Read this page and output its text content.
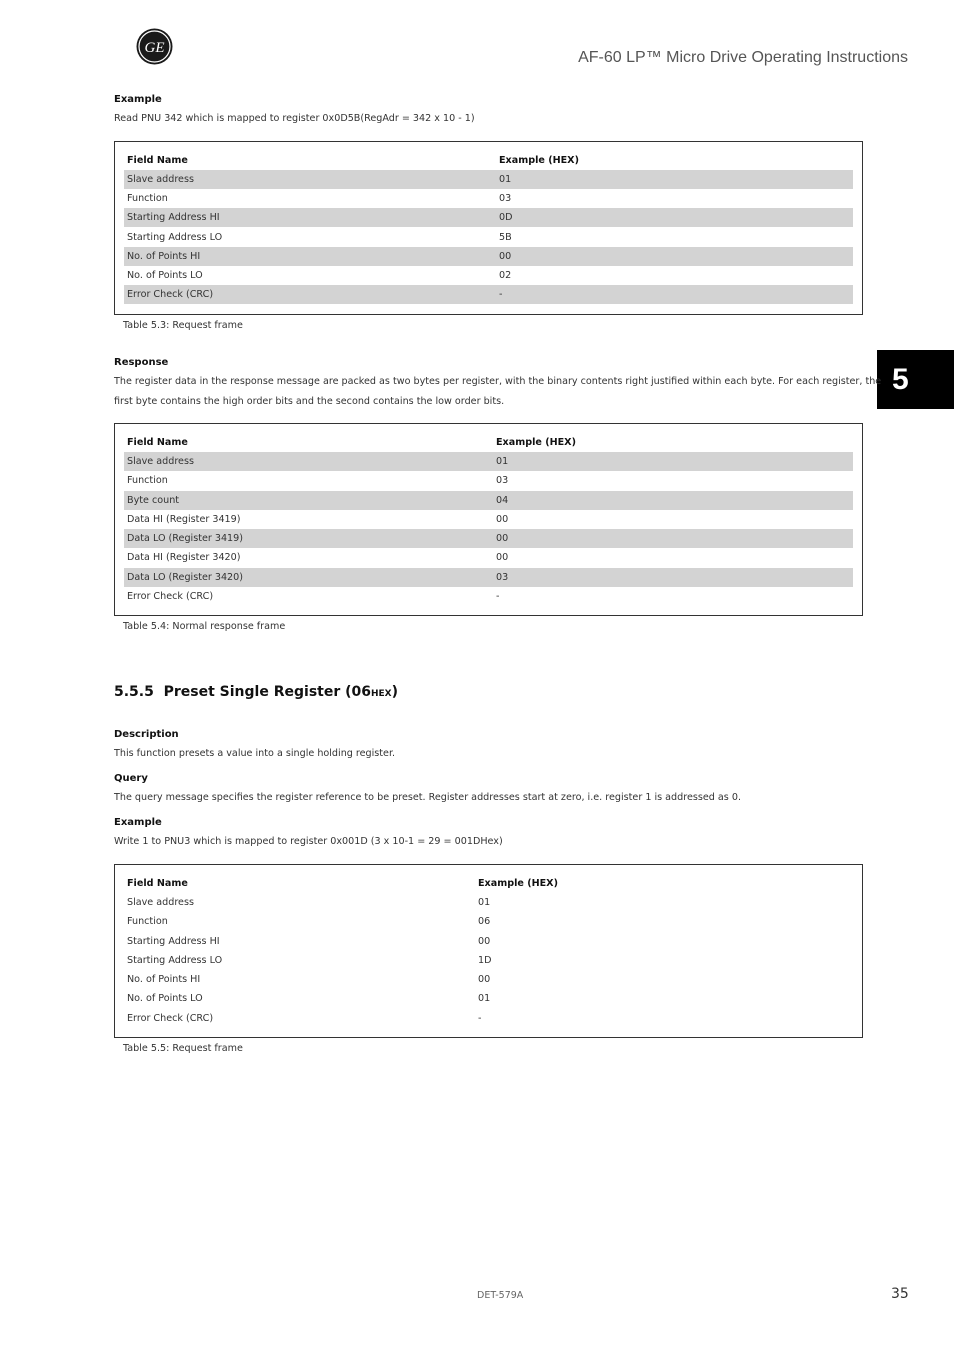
GE
AF-60 LP™ Micro Drive Operating Instructions
5
Example
Read PNU 342 which is mapped to register 0x0D5B(RegAdr = 342 x 10 - 1)
Field Name	Example (HEX)
Slave address	01
Function	03
Starting Address HI	0D
Starting Address LO	5B
No. of Points HI	00
No. of Points LO	02
Error Check (CRC)	-
Table 5.3: Request frame
Response
The register data in the response message are packed as two bytes per register, with the binary contents right justified within each byte. For each register, the
first byte contains the high order bits and the second contains the low order bits.
Field Name	Example (HEX)
Slave address	01
Function	03
Byte count	04
Data HI (Register 3419)	00
Data LO (Register 3419)	00
Data HI (Register 3420)	00
Data LO (Register 3420)	03
Error Check (CRC)	-
Table 5.4: Normal response frame
5.5.5 Preset Single Register (06HEX)
Description
This function presets a value into a single holding register.
Query
The query message specifies the register reference to be preset. Register addresses start at zero, i.e. register 1 is addressed as 0.
Example
Write 1 to PNU3 which is mapped to register 0x001D (3 x 10-1 = 29 = 001DHex)
Field Name	Example (HEX)
Slave address	01
Function	06
Starting Address HI	00
Starting Address LO	1D
No. of Points HI	00
No. of Points LO	01
Error Check (CRC)	-
Table 5.5: Request frame
DET-579A	35
